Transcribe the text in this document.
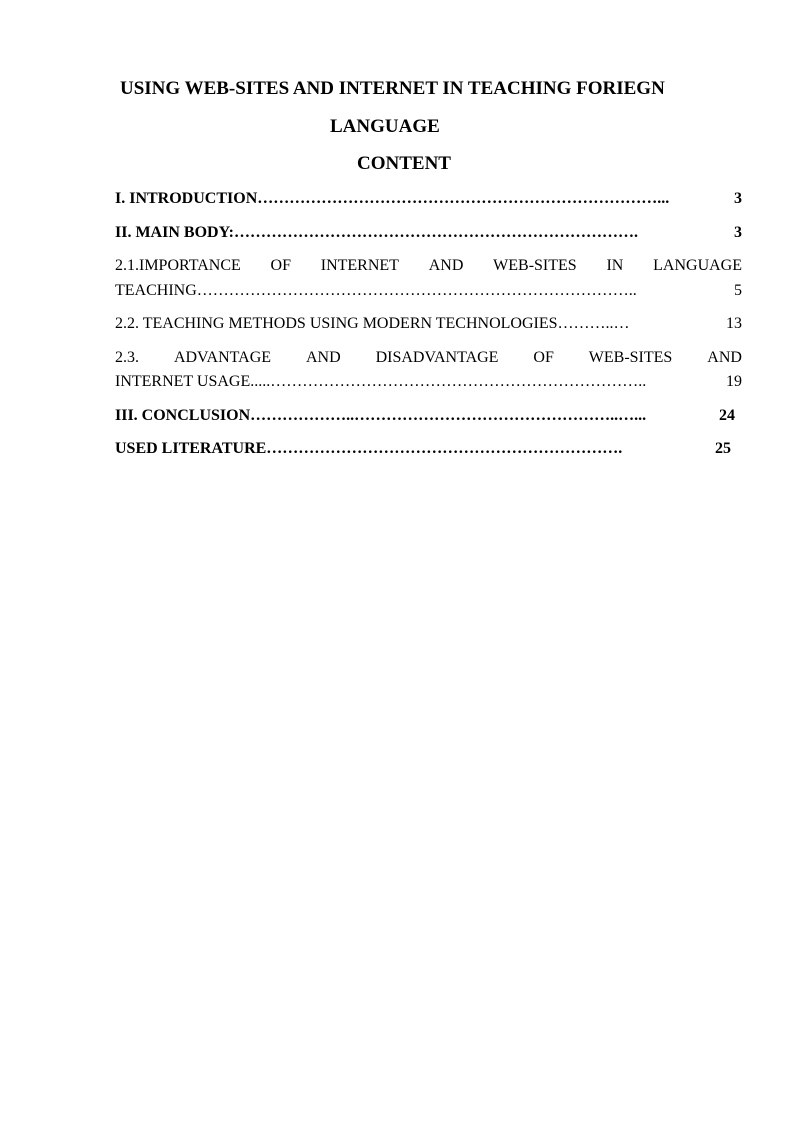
USING WEB-SITES AND INTERNET IN TEACHING FORIEGN
LANGUAGE
CONTENT
I. INTRODUCTION …………………………………………………………………...	3
II. MAIN BODY: ………………………………………………………………….	3
2.1.IMPORTANCE OF INTERNET AND WEB-SITES IN LANGUAGE
TEACHING ………………………………………………………………………..	5
2.2. TEACHING METHODS USING MODERN TECHNOLOGIES ………..…	13
2.3. ADVANTAGE AND DISADVANTAGE OF WEB-SITES AND
INTERNET USAGE..... ……………………………………………………………..	19
III. CONCLUSION ………………..…………………………………………..…...	24
USED LITERATURE ………………………………………………………….	25
